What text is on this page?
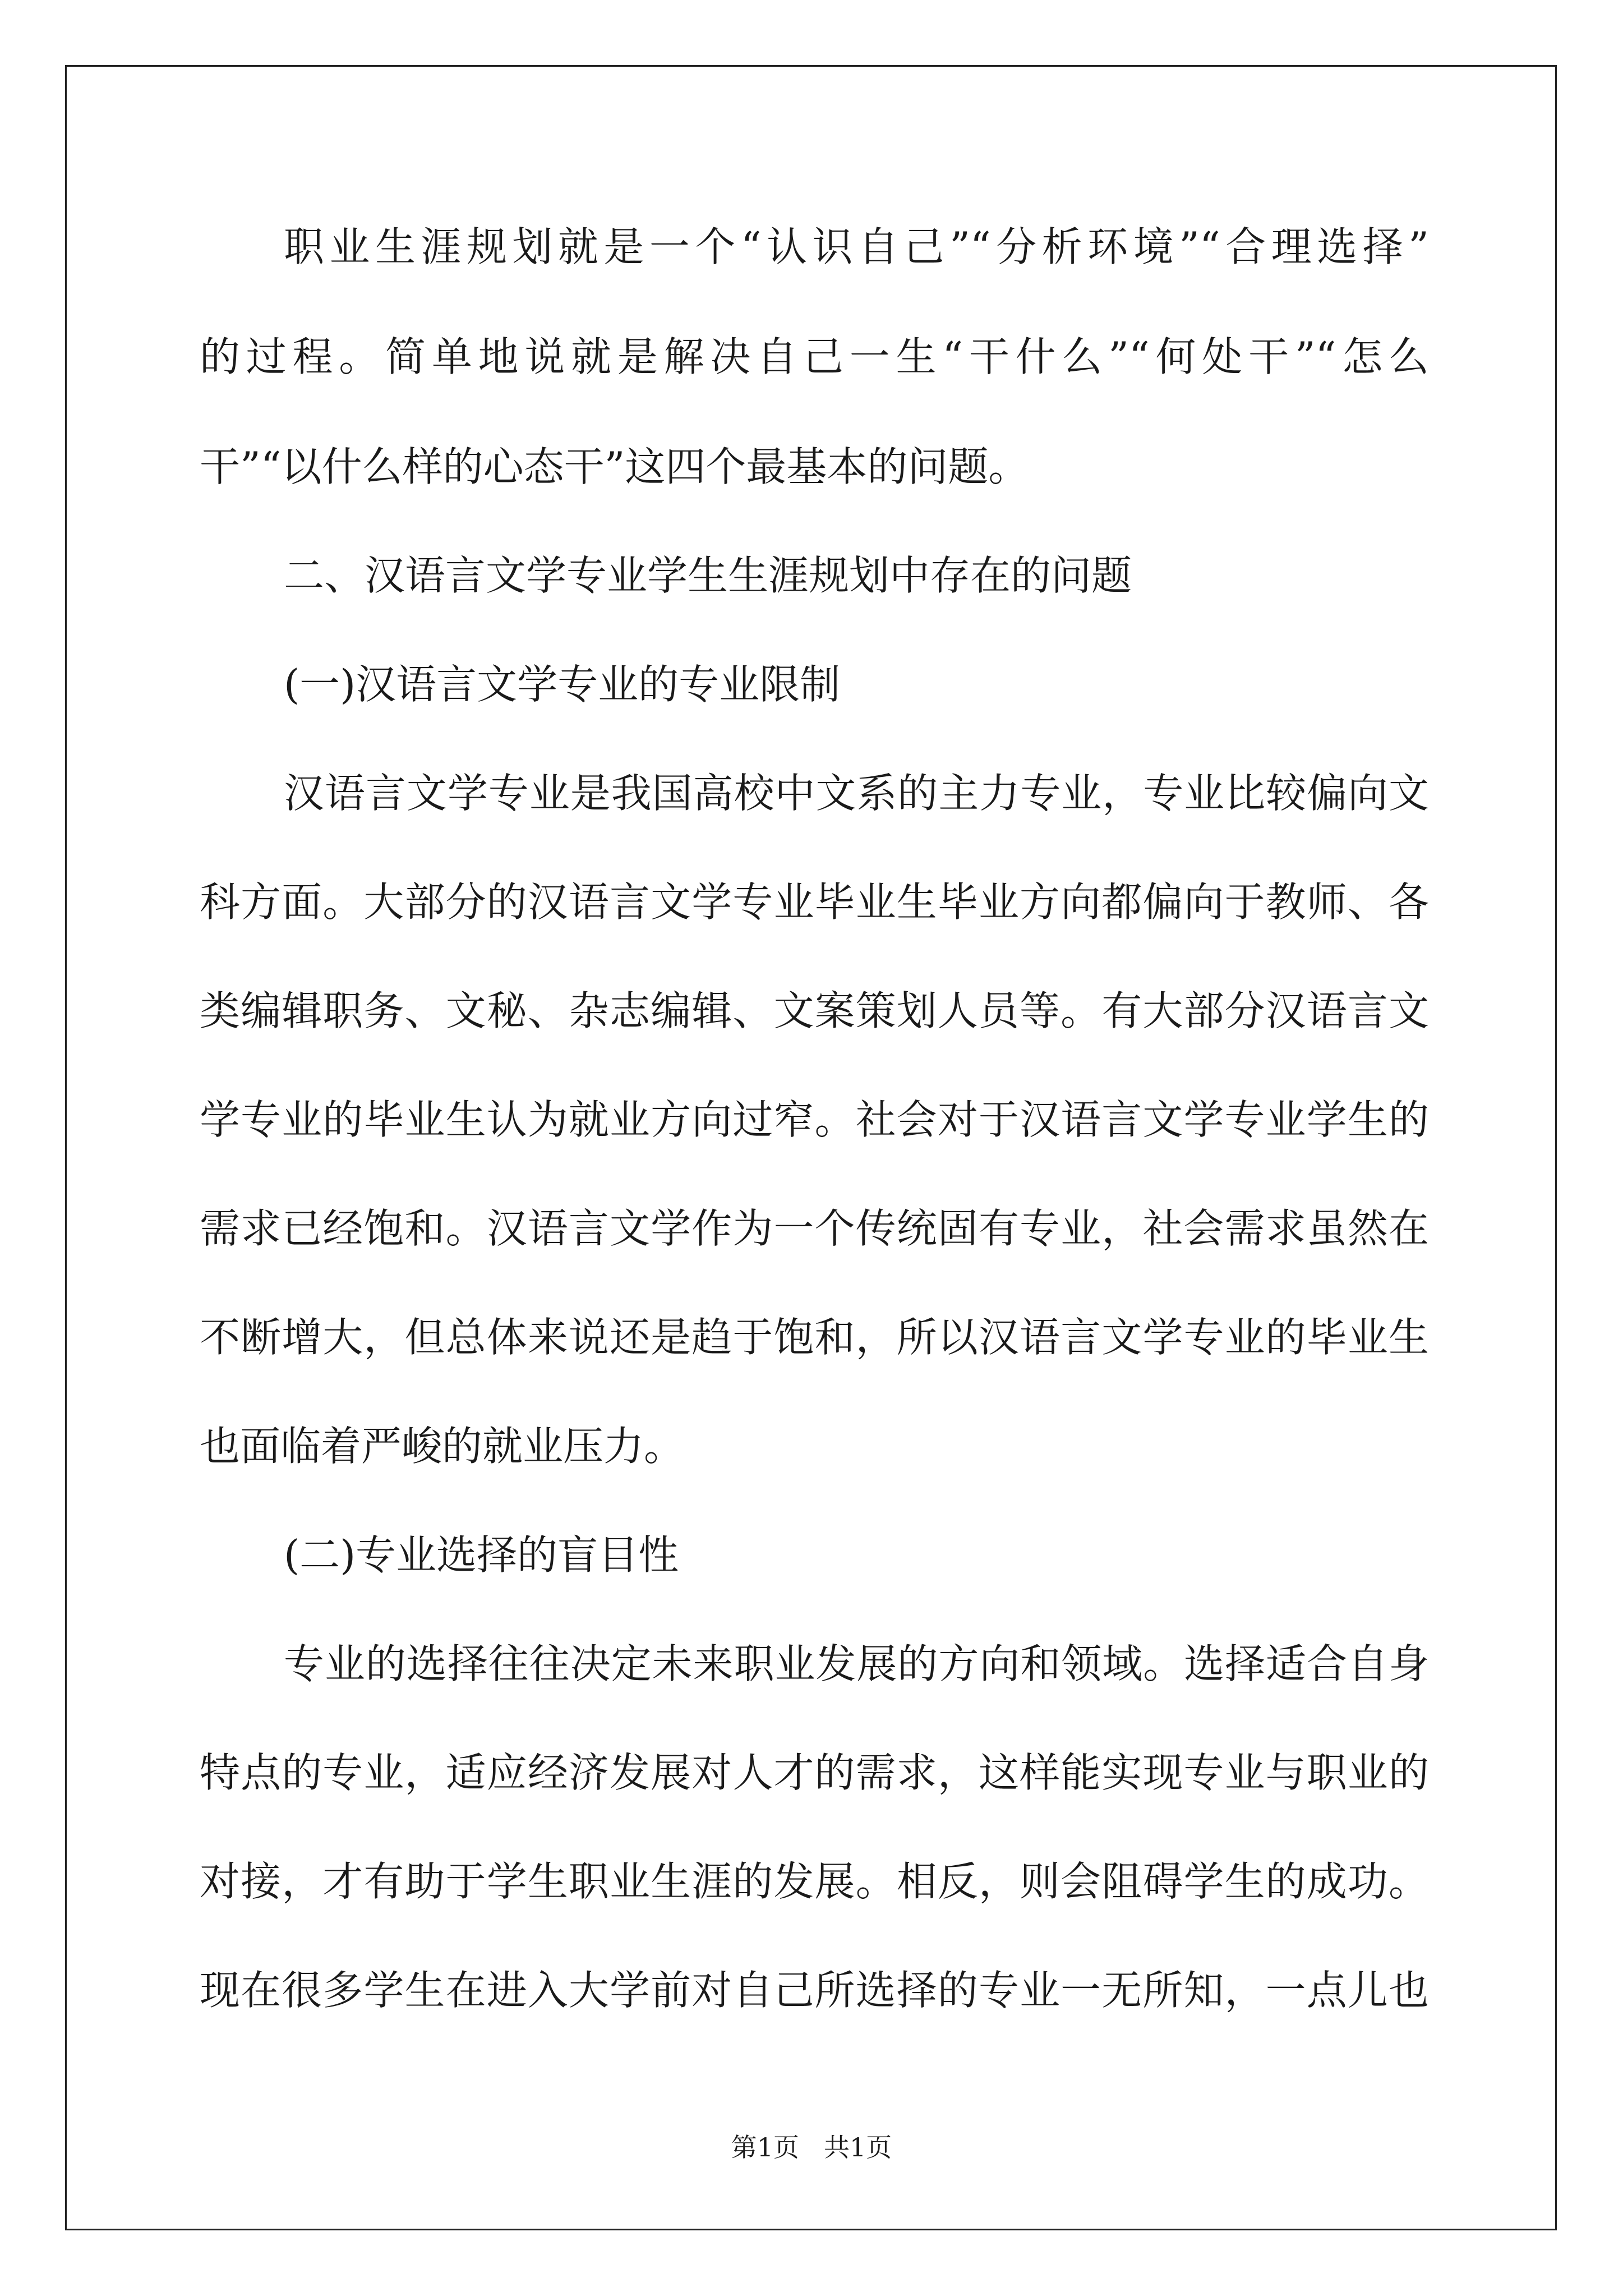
职业生涯规划就是一个“认识自己”“分析环境”“合理选择”
的过程。简单地说就是解决自己一生“干什么”“何处干”“怎么
干”“以什么样的心态干”这四个最基本的问题。
二、汉语言文学专业学生生涯规划中存在的问题
(一)汉语言文学专业的专业限制
汉语言文学专业是我国高校中文系的主力专业，专业比较偏向文
科方面。大部分的汉语言文学专业毕业生毕业方向都偏向于教师、各
类编辑职务、文秘、杂志编辑、文案策划人员等。有大部分汉语言文
学专业的毕业生认为就业方向过窄。社会对于汉语言文学专业学生的
需求已经饱和。汉语言文学作为一个传统固有专业，社会需求虽然在
不断增大，但总体来说还是趋于饱和，所以汉语言文学专业的毕业生
也面临着严峻的就业压力。
(二)专业选择的盲目性
专业的选择往往决定未来职业发展的方向和领域。选择适合自身
特点的专业，适应经济发展对人才的需求，这样能实现专业与职业的
对接，才有助于学生职业生涯的发展。相反，则会阻碍学生的成功。
现在很多学生在进入大学前对自己所选择的专业一无所知，一点儿也
第1页 共1页
